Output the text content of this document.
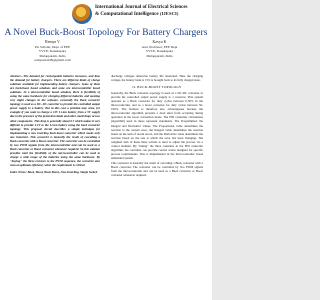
International Journal of Electrical Sciences
& Computational Intelligence (IJESCI)
A Novel Buck-Boost Topology For Battery Chargers
Remya V
PG Scholar, Dept. of EEE
VVCE, Kanakapura
Malappuram, India
remyavnair09@gmail.com
Kavya K
Asst. Professor, EEE Dept
VVCE, Kanakapura
Malappuram, India

Abstract—The demand for rechargeable batteries increases, and thus the demand for battery chargers. There are different kinds of charge solutions available for implementing battery chargers. Some of them are buck/boost based solutions and some are microcontroller based solutions. In a microcontroller based solution, there is flexibility of using the same hardware for charging different batteries and meeting very slight changes in the software. Generally the Buck converter topology is used as a DC–DC converter to provide the controlled output power supply to a battery. But in this case a problem may arise, for example if you want to charge a 12V Li-ion battery from a 5V supply due to the presence of the protection diode and other small drops across other components. This drop is generally about 0.7 which makes it very difficult to provide 4.2V to the Li-ion battery using the buck converter topology. This proposal circuit describes a simple technique for implementing a new inverting buck-boost converter which needs only one transistor. This converter is basically the result of cascading a Buck converter with a Boost converter. The converter can be controlled by two PWM signals from the microcontroller and can be used as a Buck converter or Boost converter whenever required. So this solution provides total the flexibility of the microcontroller can be used to charge a wide range of the batteries using the same hardware. By "buying" the three resistors to the PWM sequence, the converter also runs at optimum efficiency when the requirement is critical.

Index Terms: Buck, Boost, Buck-Boost, Non-Inverting, Single Switch

discharge voltages otherwise battery life shortened. Here the charging voltage, the battery bank is 15% is brought back to its fully charged state.

II. BUCK-BOOST TOPOLOGY

Generally, the Buck converter topology is used as a DC-DC converter to provide the controlled output power supply to a resource. This system operates as a Buck converter for duty cycles between 0-50% in the microcontroller, and as a boost converter for duty cycles between 50-100%. The features is therefore also advantageous because the microcontroller algorithm prevents a dead short from occurring during operation in the boost conversion mode. The PID controller calculations (algorithm) used in these represent statements. The Programmed, the Integral and Derivative values. The Proportional value determines the reaction to the current error, the Integral value determines the reaction based on the sum of recent errors, and the Derivative value determines the reaction based on the rate at which the error has been changing. The weighted sum of these three actions is used to adjust the process via a control element. By "tuning" the three constants in the PID controller algorithm, the controller can provide control action designed for specific process requirements. This is implemented in the microcontroller based embedded system.

This converter is basically the result of cascading a Buck converter with a Boost converter. The converter can be controlled by two PWM signals from the microcontroller and can be used as a Buck converter or Boost converter whenever required.
